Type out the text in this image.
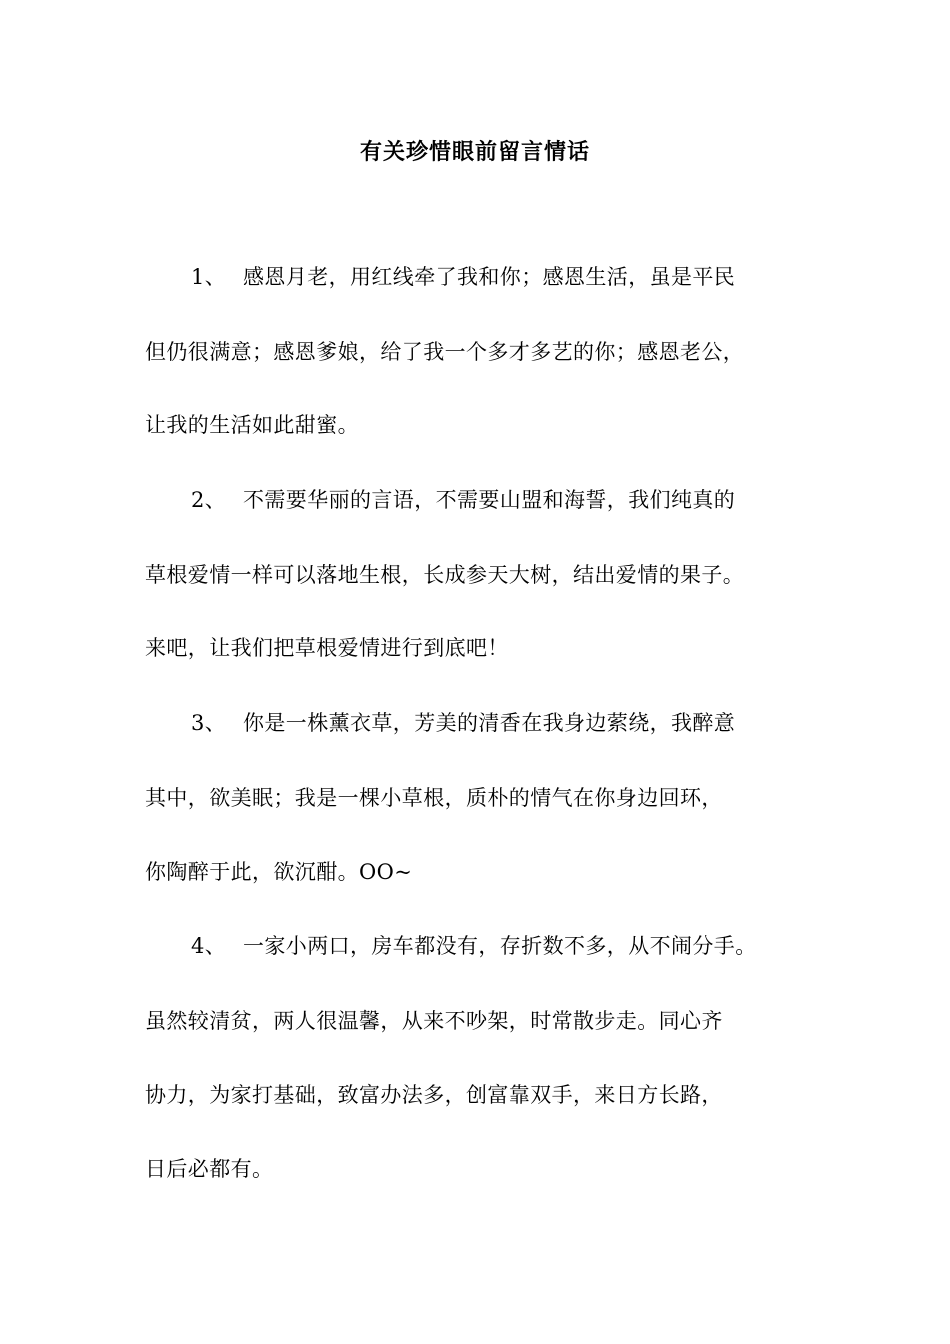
有关珍惜眼前留言情话
1、 感恩月老，用红线牵了我和你；感恩生活，虽是平民
但仍很满意；感恩爹娘，给了我一个多才多艺的你；感恩老公，
让我的生活如此甜蜜。
2、 不需要华丽的言语，不需要山盟和海誓，我们纯真的
草根爱情一样可以落地生根，长成参天大树，结出爱情的果子。
来吧，让我们把草根爱情进行到底吧！
3、 你是一株薰衣草，芳美的清香在我身边萦绕，我醉意
其中，欲美眠；我是一棵小草根，质朴的情气在你身边回环，
你陶醉于此，欲沉酣。OO~
4、 一家小两口，房车都没有，存折数不多，从不闹分手。
虽然较清贫，两人很温馨，从来不吵架，时常散步走。同心齐
协力，为家打基础，致富办法多，创富靠双手，来日方长路，
日后必都有。
